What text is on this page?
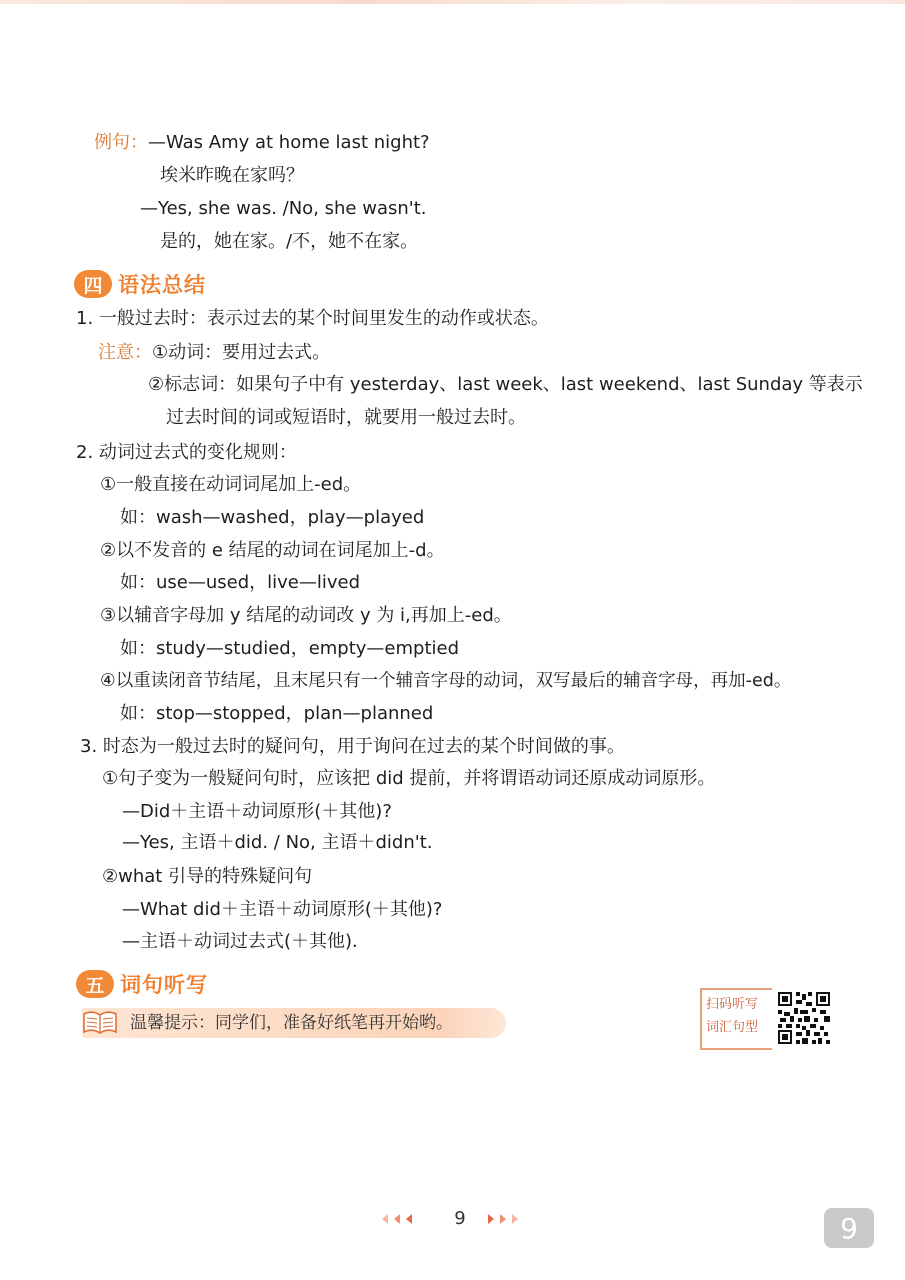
例句：—Was Amy at home last night?
埃米昨晚在家吗？
—Yes, she was. /No, she wasn't.
是的，她在家。/不，她不在家。
四 语法总结
1. 一般过去时：表示过去的某个时间里发生的动作或状态。
注意：①动词：要用过去式。
②标志词：如果句子中有 yesterday、last week、last weekend、last Sunday 等表示
过去时间的词或短语时，就要用一般过去时。
2. 动词过去式的变化规则：
①一般直接在动词词尾加上-ed。
如：wash—washed，play—played
②以不发音的 e 结尾的动词在词尾加上-d。
如：use—used，live—lived
③以辅音字母加 y 结尾的动词改 y 为 i,再加上-ed。
如：study—studied，empty—emptied
④以重读闭音节结尾，且末尾只有一个辅音字母的动词，双写最后的辅音字母，再加-ed。
如：stop—stopped，plan—planned
3. 时态为一般过去时的疑问句，用于询问在过去的某个时间做的事。
①句子变为一般疑问句时，应该把 did 提前，并将谓语动词还原成动词原形。
—Did＋主语＋动词原形(＋其他)?
—Yes, 主语＋did. / No, 主语＋didn't.
②what 引导的特殊疑问句
—What did＋主语＋动词原形(＋其他)?
—主语＋动词过去式(＋其他).
五 词句听写
温馨提示：同学们，准备好纸笔再开始哟。
扫码听写
词汇句型
9	9
